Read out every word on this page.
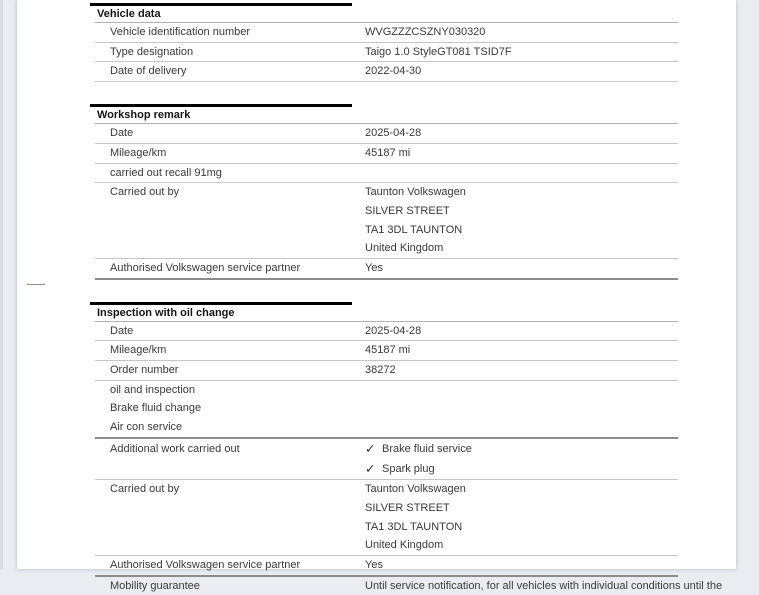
Vehicle data
Vehicle identification number	WVGZZZCSZNY030320
Type designation	Taigo 1.0 StyleGT081 TSID7F
Date of delivery	2022-04-30
Workshop remark
Date	2025-04-28
Mileage/km	45187 mi
carried out recall 91mg
Carried out by	Taunton Volkswagen
SILVER STREET
TA1 3DL TAUNTON
United Kingdom
Authorised Volkswagen service partner	Yes
Inspection with oil change
Date	2025-04-28
Mileage/km	45187 mi
Order number	38272
oil and inspection
Brake fluid change
Air con service
Additional work carried out	✓ Brake fluid service
✓ Spark plug
Carried out by	Taunton Volkswagen
SILVER STREET
TA1 3DL TAUNTON
United Kingdom
Authorised Volkswagen service partner	Yes
Mobility guarantee	Until service notification, for all vehicles with individual conditions until the
